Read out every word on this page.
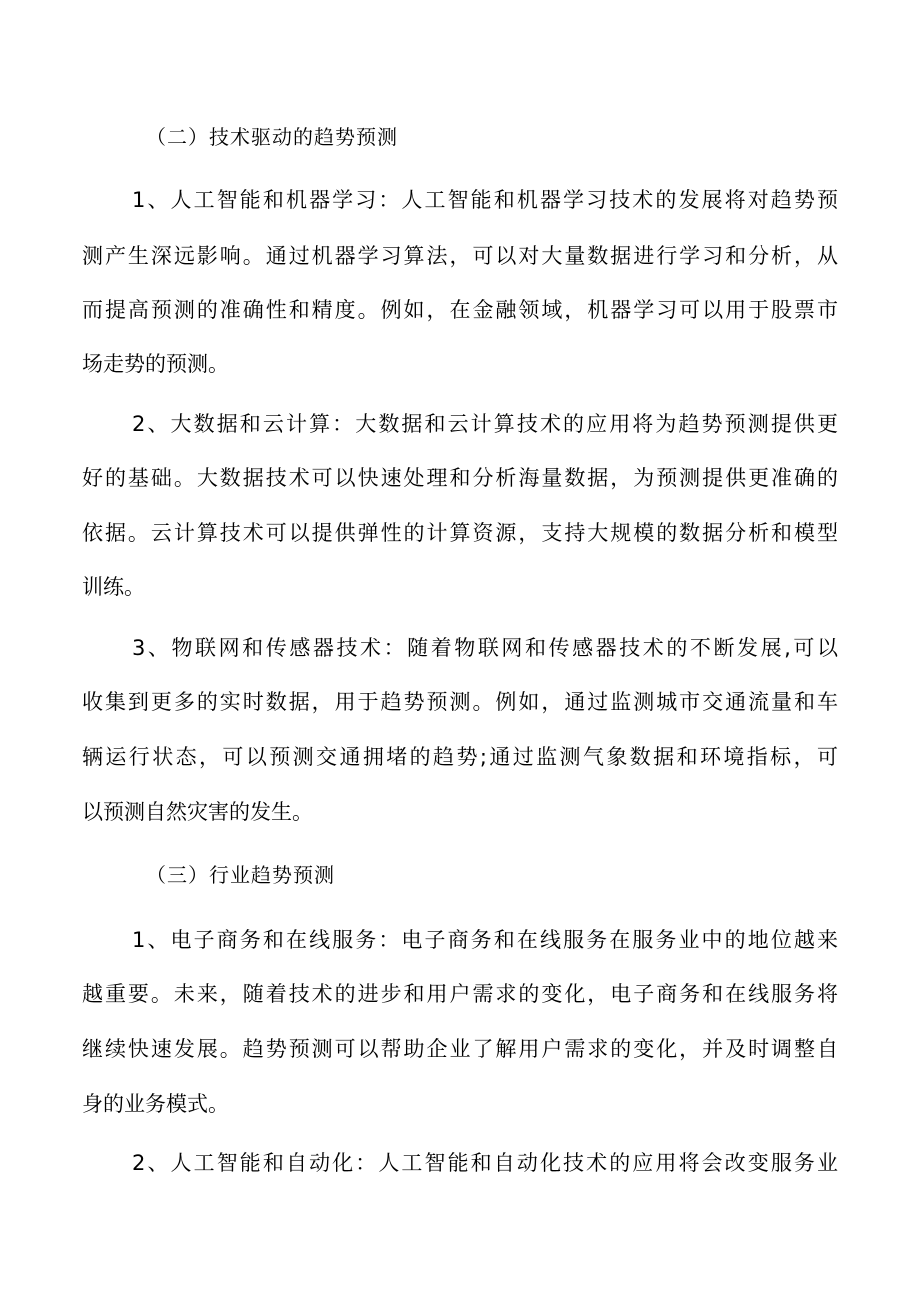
（二）技术驱动的趋势预测
1、人工智能和机器学习：人工智能和机器学习技术的发展将对趋势预
测产生深远影响。通过机器学习算法，可以对大量数据进行学习和分析，从
而提高预测的准确性和精度。例如，在金融领域，机器学习可以用于股票市
场走势的预测。
2、大数据和云计算：大数据和云计算技术的应用将为趋势预测提供更
好的基础。大数据技术可以快速处理和分析海量数据，为预测提供更准确的
依据。云计算技术可以提供弹性的计算资源，支持大规模的数据分析和模型
训练。
3、物联网和传感器技术：随着物联网和传感器技术的不断发展,可以
收集到更多的实时数据，用于趋势预测。例如，通过监测城市交通流量和车
辆运行状态，可以预测交通拥堵的趋势;通过监测气象数据和环境指标，可
以预测自然灾害的发生。
（三）行业趋势预测
1、电子商务和在线服务：电子商务和在线服务在服务业中的地位越来
越重要。未来，随着技术的进步和用户需求的变化，电子商务和在线服务将
继续快速发展。趋势预测可以帮助企业了解用户需求的变化，并及时调整自
身的业务模式。
2、人工智能和自动化：人工智能和自动化技术的应用将会改变服务业
